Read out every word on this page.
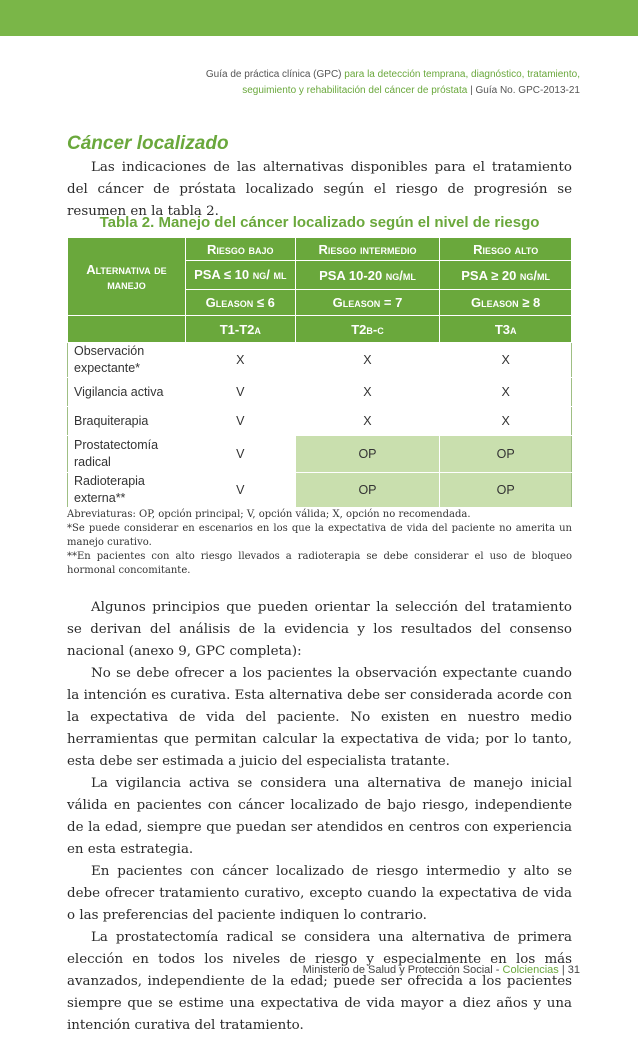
Guía de práctica clínica (GPC) para la detección temprana, diagnóstico, tratamiento,
seguimiento y rehabilitación del cáncer de próstata | Guía No. GPC-2013-21
Cáncer localizado

Las indicaciones de las alternativas disponibles para el tratamiento del cáncer de próstata localizado según el riesgo de progresión se resumen en la tabla 2.

Tabla 2. Manejo del cáncer localizado según el nivel de riesgo
Alternativa de manejo	Riesgo bajo	Riesgo intermedio	Riesgo alto
	PSA ≤ 10 ng/ ml	PSA 10-20 ng/ml	PSA ≥ 20 ng/ml
	Gleason ≤ 6	Gleason = 7	Gleason ≥ 8
	T1-T2a	T2b-c	T3a
Observación expectante*	X	X	X
Vigilancia activa	V	X	X
Braquiterapia	V	X	X
Prostatectomía radical	V	OP	OP
Radioterapia externa**	V	OP	OP
Abreviaturas: OP, opción principal; V, opción válida; X, opción no recomendada.
*Se puede considerar en escenarios en los que la expectativa de vida del paciente no amerita un manejo curativo.
**En pacientes con alto riesgo llevados a radioterapia se debe considerar el uso de bloqueo hormonal concomitante.

Algunos principios que pueden orientar la selección del tratamiento se derivan del análisis de la evidencia y los resultados del consenso nacional (anexo 9, GPC completa):

No se debe ofrecer a los pacientes la observación expectante cuando la intención es curativa. Esta alternativa debe ser considerada acorde con la expectativa de vida del paciente. No existen en nuestro medio herramientas que permitan calcular la expectativa de vida; por lo tanto, esta debe ser estimada a juicio del especialista tratante.

La vigilancia activa se considera una alternativa de manejo inicial válida en pacientes con cáncer localizado de bajo riesgo, independiente de la edad, siempre que puedan ser atendidos en centros con experiencia en esta estrategia.

En pacientes con cáncer localizado de riesgo intermedio y alto se debe ofrecer tratamiento curativo, excepto cuando la expectativa de vida o las preferencias del paciente indiquen lo contrario.

La prostatectomía radical se considera una alternativa de primera elección en todos los niveles de riesgo y especialmente en los más avanzados, independiente de la edad; puede ser ofrecida a los pacientes siempre que se estime una expectativa de vida mayor a diez años y una intención curativa del tratamiento.

Ministerio de Salud y Protección Social - Colciencias | 31
